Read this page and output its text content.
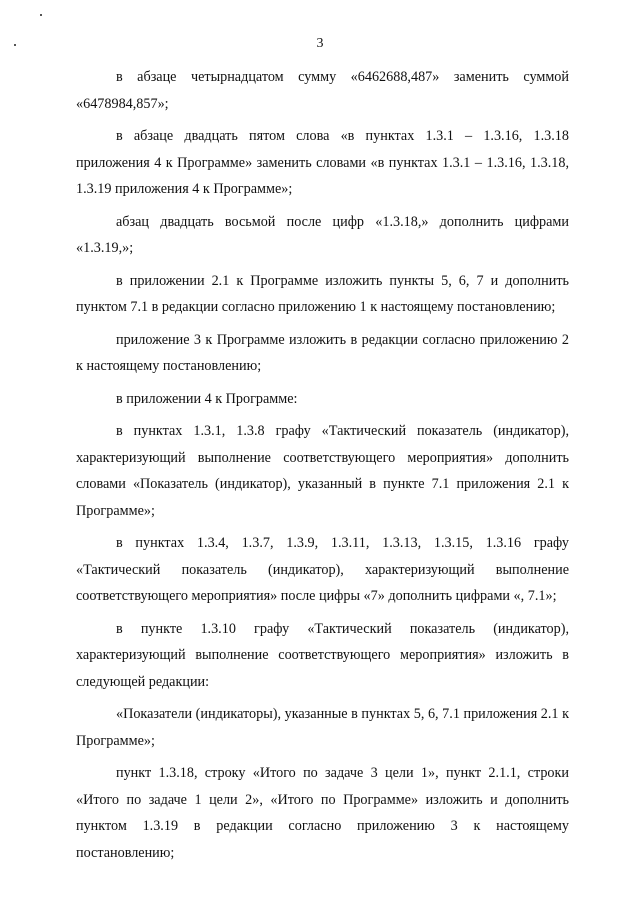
3

в абзаце четырнадцатом сумму «6462688,487» заменить суммой «6478984,857»;

в абзаце двадцать пятом слова «в пунктах 1.3.1 – 1.3.16, 1.3.18 приложения 4 к Программе» заменить словами «в пунктах 1.3.1 – 1.3.16, 1.3.18, 1.3.19 приложения 4 к Программе»;

абзац двадцать восьмой после цифр «1.3.18,» дополнить цифрами «1.3.19,»;

в приложении 2.1 к Программе изложить пункты 5, 6, 7 и дополнить пунктом 7.1 в редакции согласно приложению 1 к настоящему постановлению;

приложение 3 к Программе изложить в редакции согласно приложению 2 к настоящему постановлению;

в приложении 4 к Программе:

в пунктах 1.3.1, 1.3.8 графу «Тактический показатель (индикатор), характеризующий выполнение соответствующего мероприятия» дополнить словами «Показатель (индикатор), указанный в пункте 7.1 приложения 2.1 к Программе»;

в пунктах 1.3.4, 1.3.7, 1.3.9, 1.3.11, 1.3.13, 1.3.15, 1.3.16 графу «Тактический показатель (индикатор), характеризующий выполнение соответствующего мероприятия» после цифры «7» дополнить цифрами «, 7.1»;

в пункте 1.3.10 графу «Тактический показатель (индикатор), характеризующий выполнение соответствующего мероприятия» изложить в следующей редакции:

«Показатели (индикаторы), указанные в пунктах 5, 6, 7.1 приложения 2.1 к Программе»;

пункт 1.3.18, строку «Итого по задаче 3 цели 1», пункт 2.1.1, строки «Итого по задаче 1 цели 2», «Итого по Программе» изложить и дополнить пунктом 1.3.19 в редакции согласно приложению 3 к настоящему постановлению;
